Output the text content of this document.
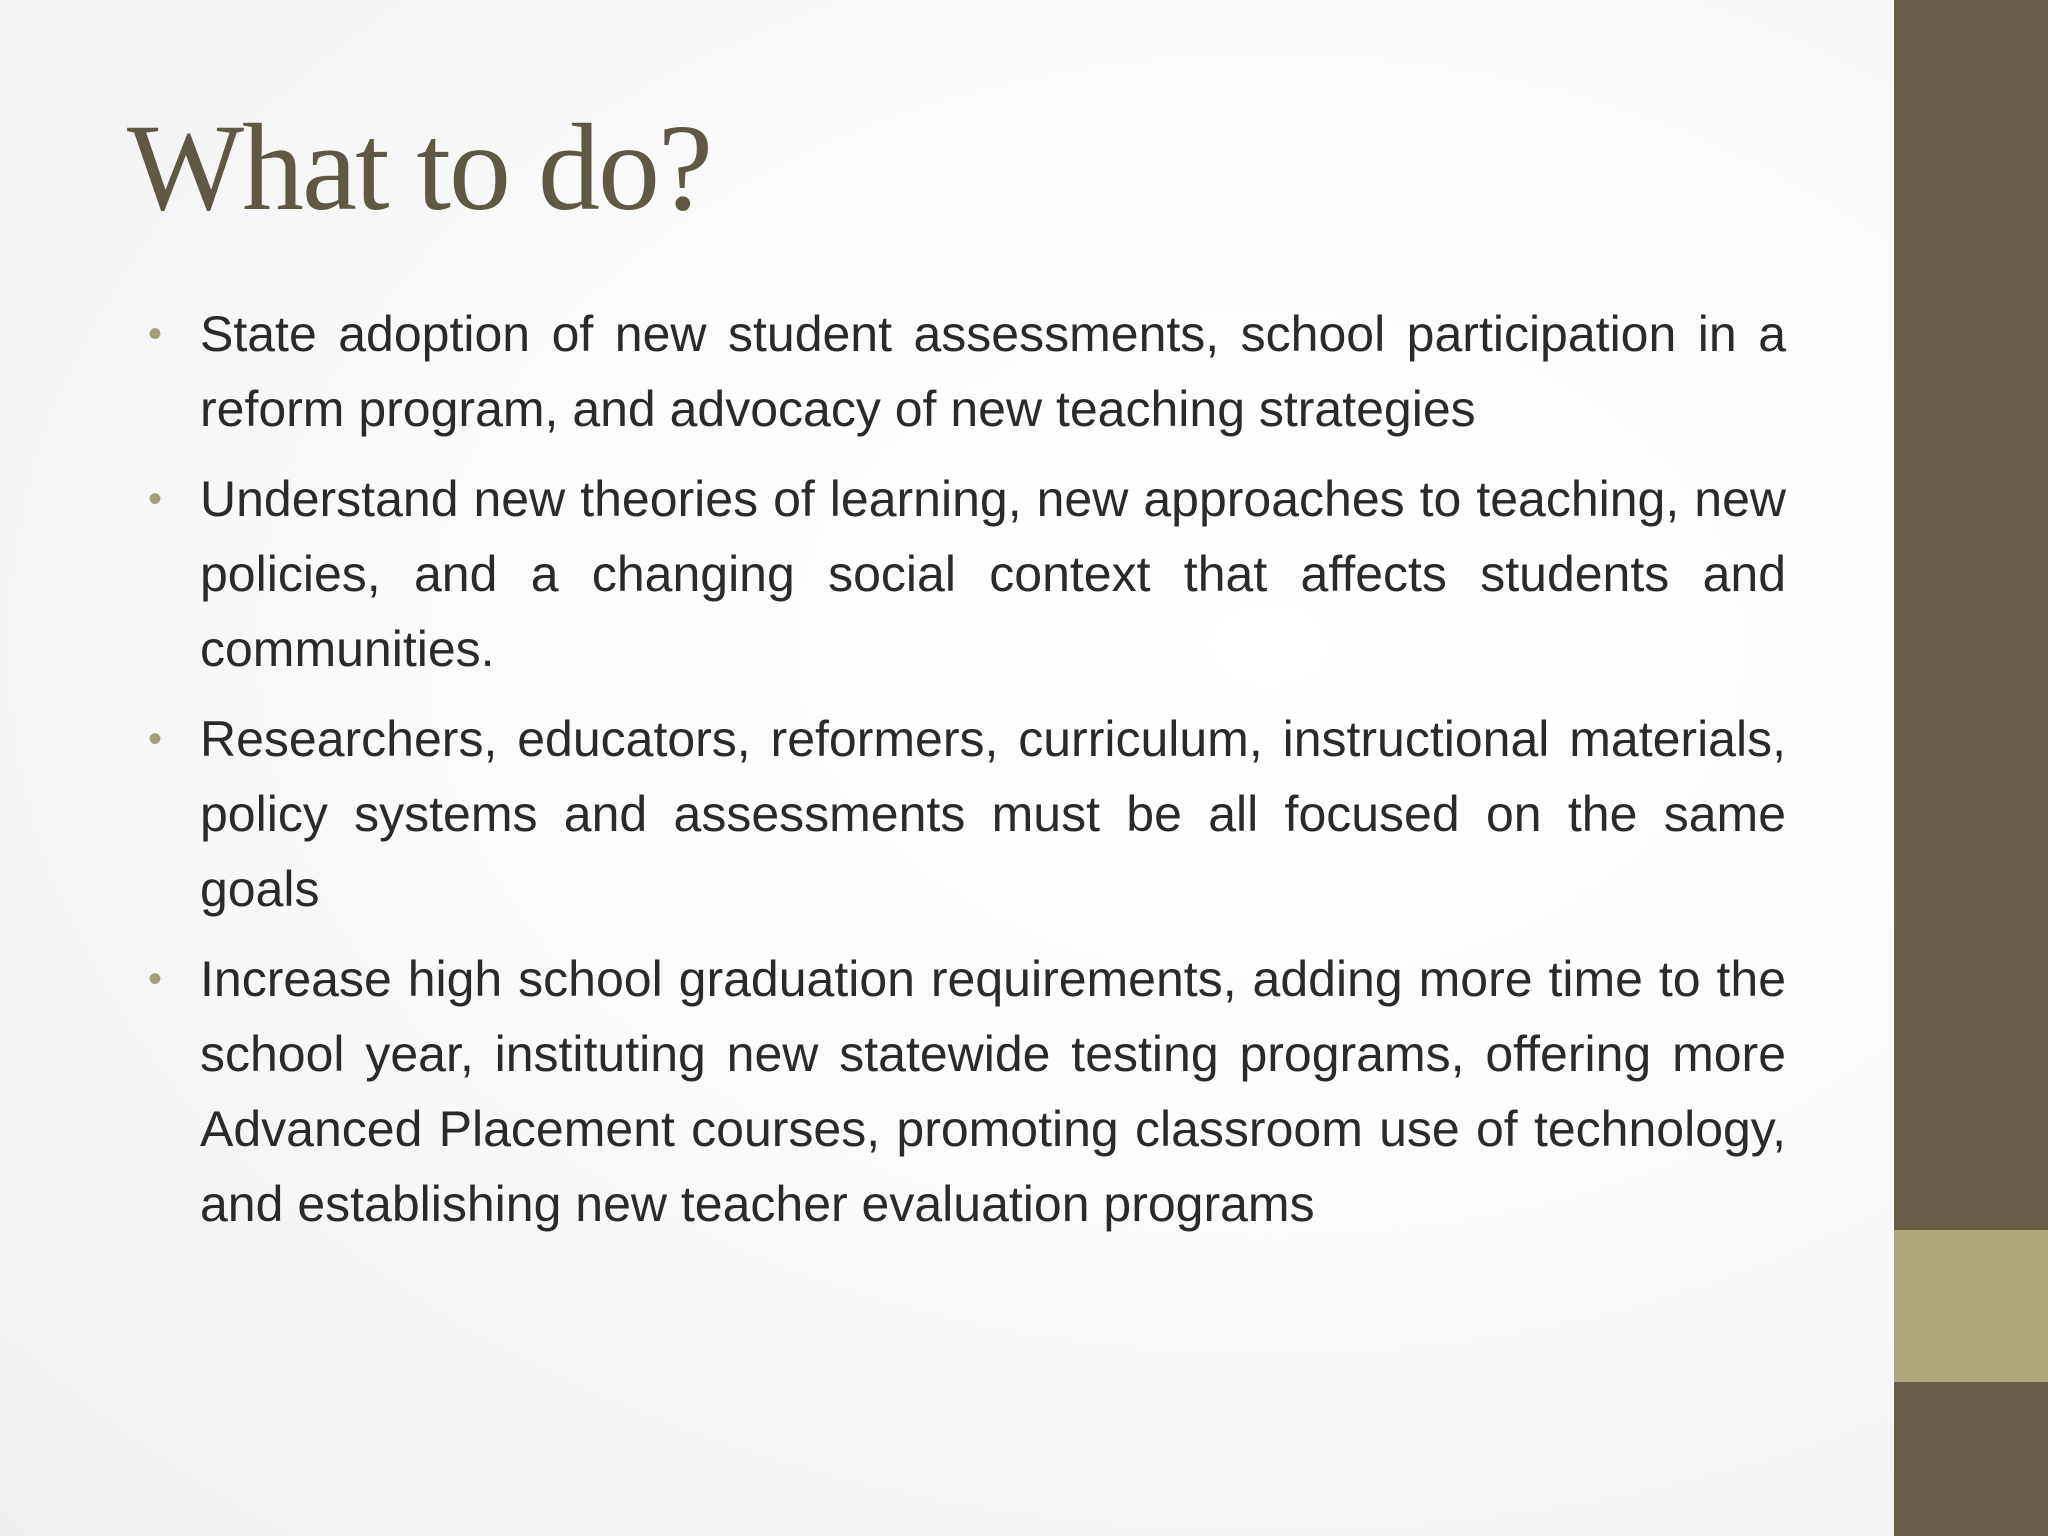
What to do?
• State adoption of new student assessments, school participation in a reform program, and advocacy of new teaching strategies
• Understand new theories of learning, new approaches to teaching, new policies, and a changing social context that affects students and communities.
• Researchers, educators, reformers, curriculum, instructional materials, policy systems and assessments must be all focused on the same goals
• Increase high school graduation requirements, adding more time to the school year, instituting new statewide testing programs, offering more Advanced Placement courses, promoting classroom use of technology, and establishing new teacher evaluation programs
